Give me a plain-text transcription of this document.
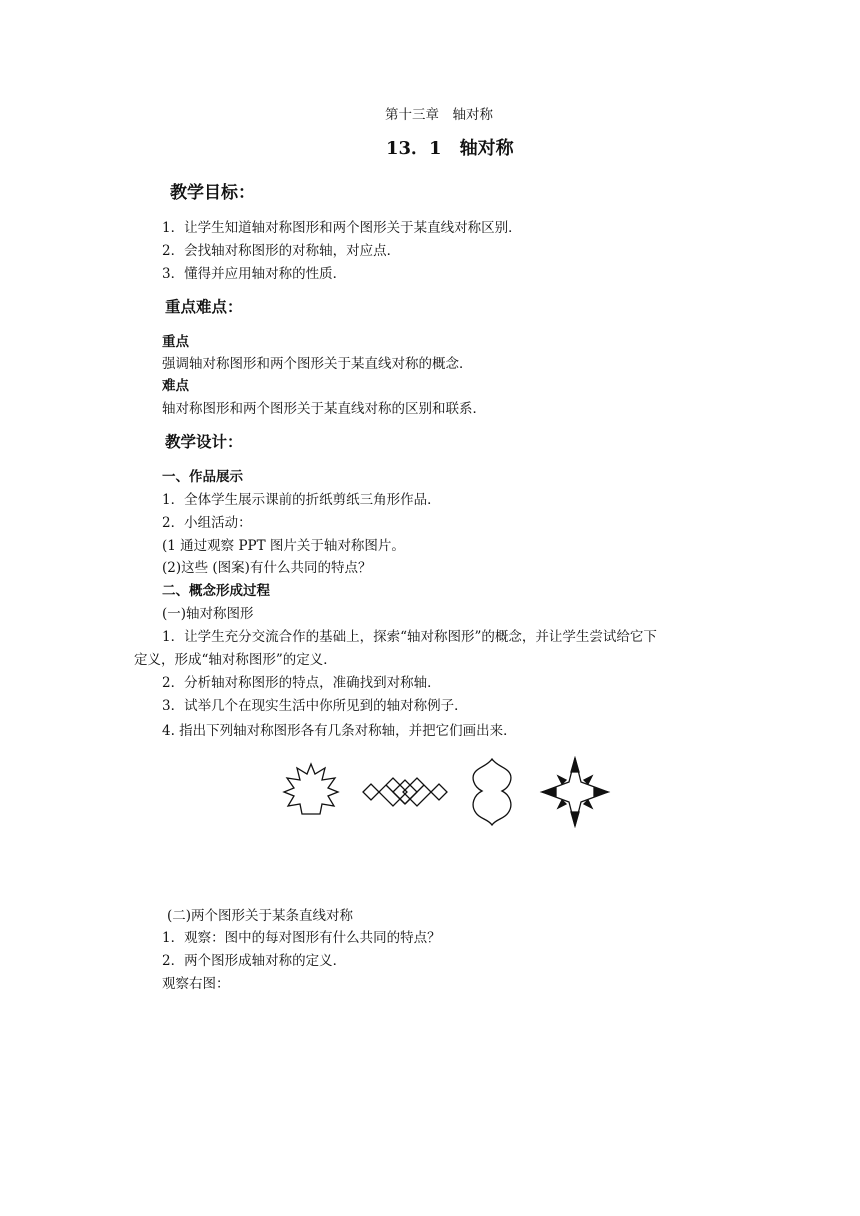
第十三章　轴对称
13．1　轴对称
教学目标：
1．让学生知道轴对称图形和两个图形关于某直线对称区别．
2．会找轴对称图形的对称轴，对应点．
3．懂得并应用轴对称的性质．
重点难点：
重点
强调轴对称图形和两个图形关于某直线对称的概念．
难点
轴对称图形和两个图形关于某直线对称的区别和联系．
教学设计：
一、作品展示
1．全体学生展示课前的折纸剪纸三角形作品．
2．小组活动：
(1 通过观察 PPT 图片关于轴对称图片。
(2)这些 (图案)有什么共同的特点？
二、概念形成过程
(一)轴对称图形
1．让学生充分交流合作的基础上，探索“轴对称图形”的概念，并让学生尝试给它下
定义，形成“轴对称图形”的定义．
2．分析轴对称图形的特点，准确找到对称轴．
3．试举几个在现实生活中你所见到的轴对称例子．
4. 指出下列轴对称图形各有几条对称轴，并把它们画出来．
(二)两个图形关于某条直线对称
1．观察：图中的每对图形有什么共同的特点？
2．两个图形成轴对称的定义．
观察右图：
